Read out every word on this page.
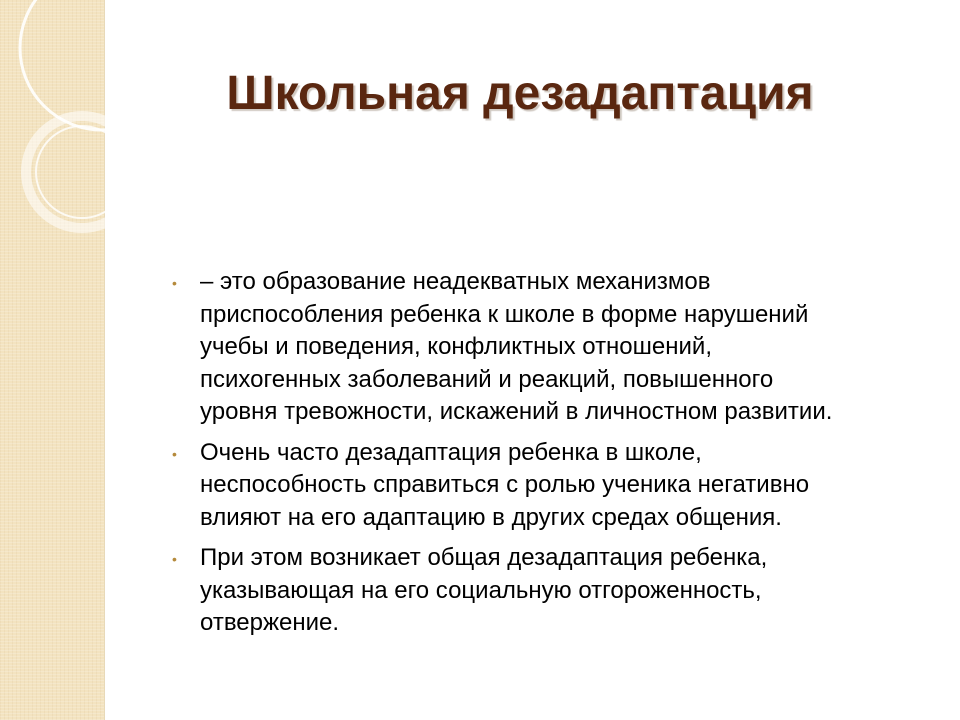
Школьная дезадаптация
• – это образование неадекватных механизмов
приспособления ребенка к школе в форме нарушений
учебы и поведения, конфликтных отношений,
психогенных заболеваний и реакций, повышенного
уровня тревожности, искажений в личностном развитии.
• Очень часто дезадаптация ребенка в школе,
неспособность справиться с ролью ученика негативно
влияют на его адаптацию в других средах общения.
• При этом возникает общая дезадаптация ребенка,
указывающая на его социальную отгороженность,
отвержение.
